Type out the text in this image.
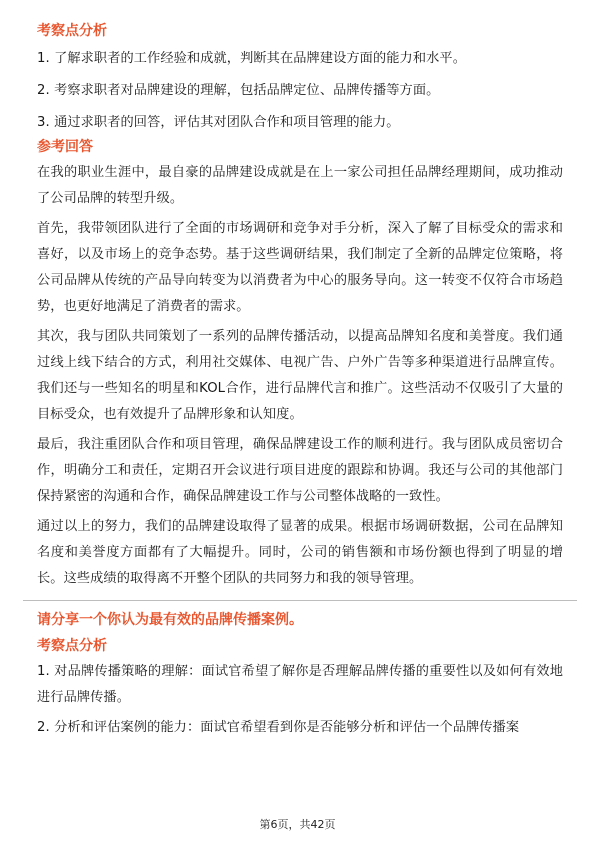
考察点分析

1. 了解求职者的工作经验和成就，判断其在品牌建设方面的能力和水平。

2. 考察求职者对品牌建设的理解，包括品牌定位、品牌传播等方面。

3. 通过求职者的回答，评估其对团队合作和项目管理的能力。

参考回答

在我的职业生涯中，最自豪的品牌建设成就是在上一家公司担任品牌经理期间，成功推动了公司品牌的转型升级。

首先，我带领团队进行了全面的市场调研和竞争对手分析，深入了解了目标受众的需求和喜好，以及市场上的竞争态势。基于这些调研结果，我们制定了全新的品牌定位策略，将公司品牌从传统的产品导向转变为以消费者为中心的服务导向。这一转变不仅符合市场趋势，也更好地满足了消费者的需求。

其次，我与团队共同策划了一系列的品牌传播活动，以提高品牌知名度和美誉度。我们通过线上线下结合的方式，利用社交媒体、电视广告、户外广告等多种渠道进行品牌宣传。我们还与一些知名的明星和KOL合作，进行品牌代言和推广。这些活动不仅吸引了大量的目标受众，也有效提升了品牌形象和认知度。

最后，我注重团队合作和项目管理，确保品牌建设工作的顺利进行。我与团队成员密切合作，明确分工和责任，定期召开会议进行项目进度的跟踪和协调。我还与公司的其他部门保持紧密的沟通和合作，确保品牌建设工作与公司整体战略的一致性。

通过以上的努力，我们的品牌建设取得了显著的成果。根据市场调研数据，公司在品牌知名度和美誉度方面都有了大幅提升。同时，公司的销售额和市场份额也得到了明显的增长。这些成绩的取得离不开整个团队的共同努力和我的领导管理。

请分享一个你认为最有效的品牌传播案例。
考察点分析

1. 对品牌传播策略的理解：面试官希望了解你是否理解品牌传播的重要性以及如何有效地进行品牌传播。

2. 分析和评估案例的能力：面试官希望看到你是否能够分析和评估一个品牌传播案

第6页，共42页
